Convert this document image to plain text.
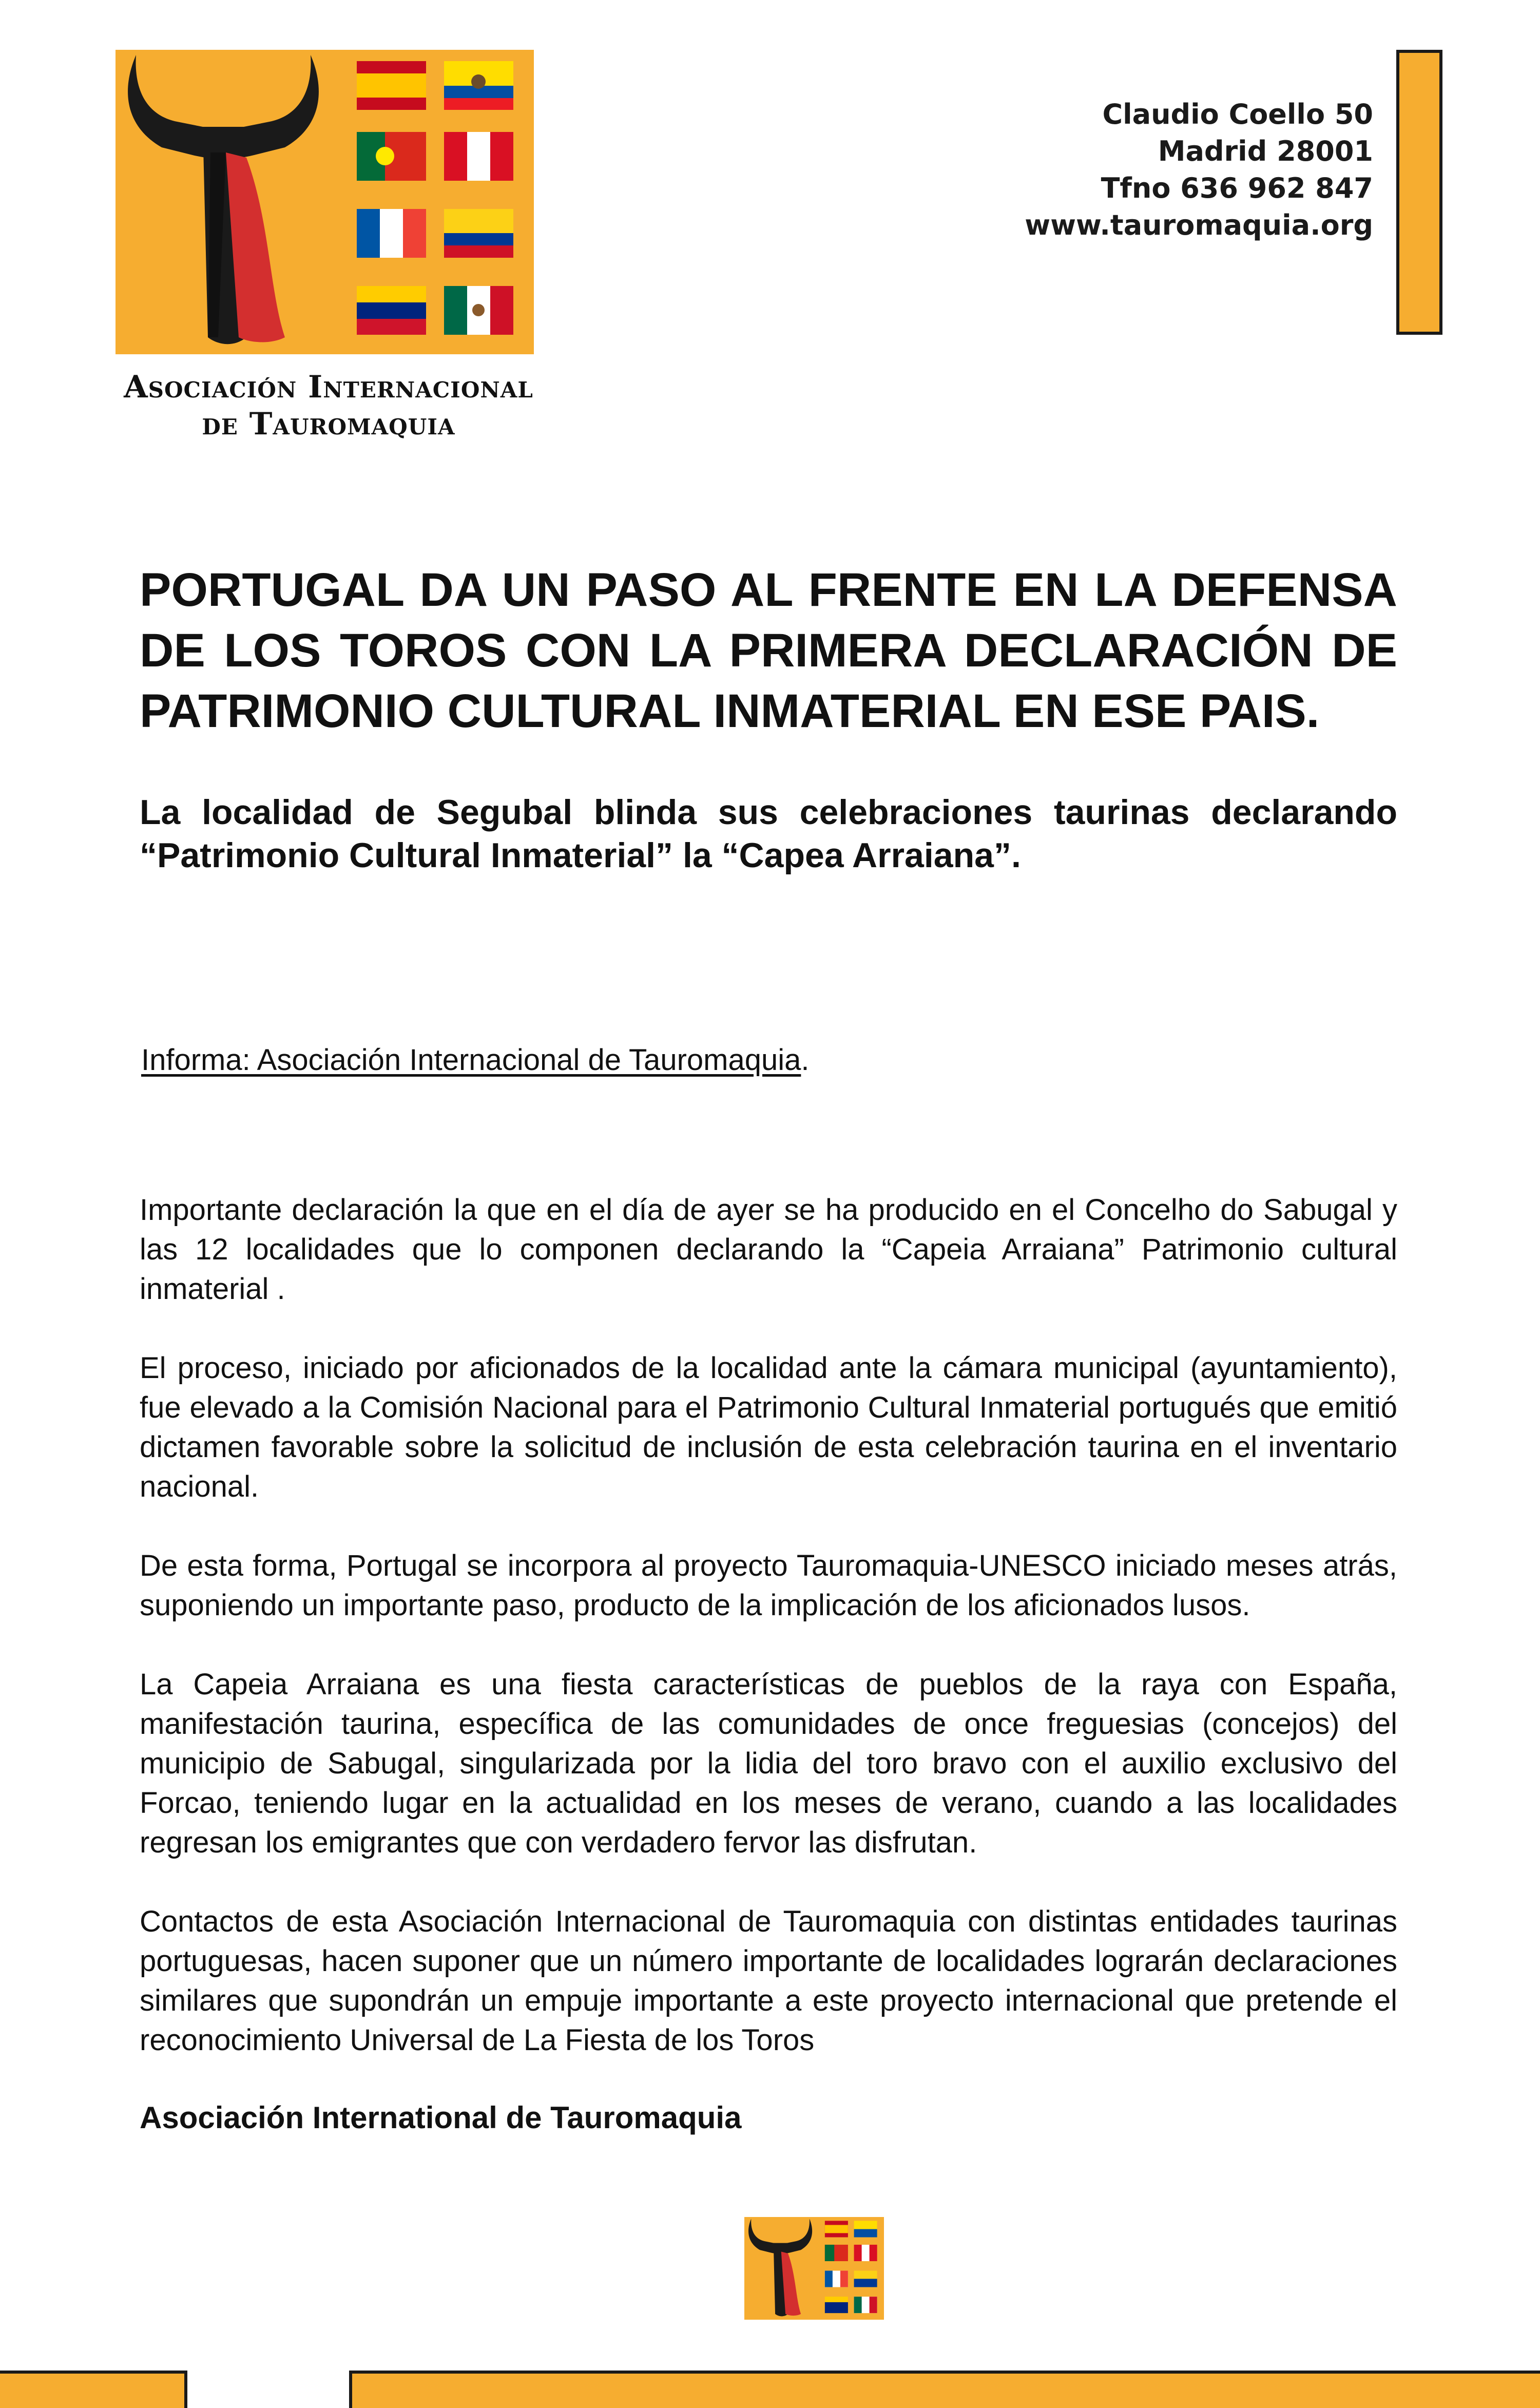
Asociación Internacional
de Tauromaquia
Claudio Coello 50
Madrid 28001
Tfno 636 962 847
www.tauromaquia.org
PORTUGAL DA UN PASO AL FRENTE EN LA DEFENSA DE LOS TOROS CON LA PRIMERA DECLARACIÓN DE PATRIMONIO CULTURAL INMATERIAL EN ESE PAIS.
La localidad de Segubal blinda sus celebraciones taurinas declarando “Patrimonio Cultural Inmaterial” la “Capea Arraiana”.
Informa: Asociación Internacional de Tauromaquia.

Importante declaración la que en el día de ayer se ha producido en el Concelho do Sabugal y las 12 localidades que lo componen declarando la “Capeia Arraiana” Patrimonio cultural inmaterial .

El proceso, iniciado por aficionados de la localidad ante la cámara municipal (ayuntamiento), fue elevado a la Comisión Nacional para el Patrimonio Cultural Inmaterial portugués que emitió dictamen favorable sobre la solicitud de inclusión de esta celebración taurina en el inventario nacional.

De esta forma, Portugal se incorpora al proyecto Tauromaquia-UNESCO iniciado meses atrás, suponiendo un importante paso, producto de la implicación de los aficionados lusos.

La Capeia Arraiana es una fiesta características de pueblos de la raya con España, manifestación taurina, específica de las comunidades de once freguesias (concejos) del municipio de Sabugal, singularizada por la lidia del toro bravo con el auxilio exclusivo del Forcao, teniendo lugar en la actualidad en los meses de verano, cuando a las localidades regresan los emigrantes que con verdadero fervor las disfrutan.

Contactos de esta Asociación Internacional de Tauromaquia con distintas entidades taurinas portuguesas, hacen suponer que un número importante de localidades lograrán declaraciones similares que supondrán un empuje importante a este proyecto internacional que pretende el reconocimiento Universal de La Fiesta de los Toros

Asociación International de Tauromaquia
